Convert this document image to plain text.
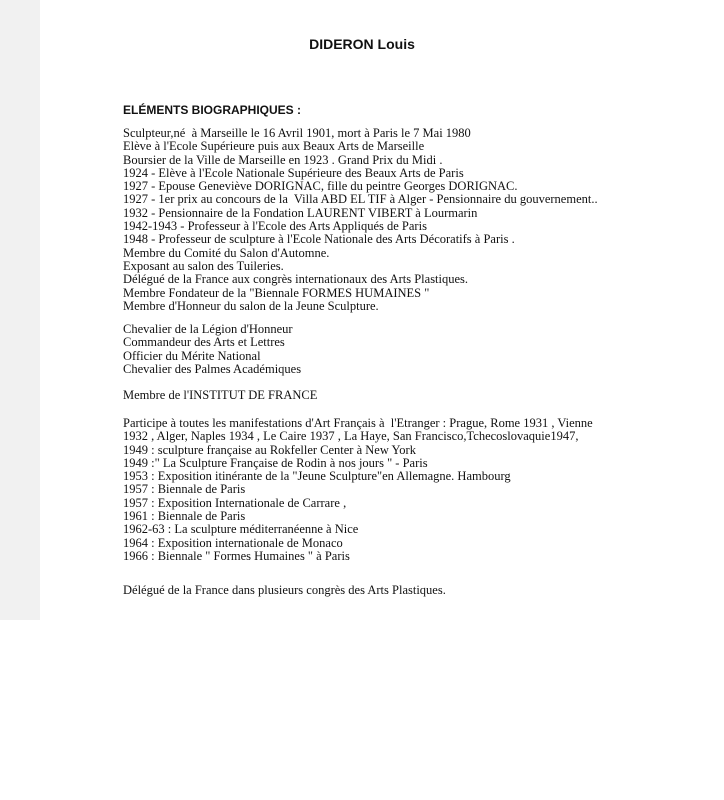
DIDERON Louis
ELÉMENTS BIOGRAPHIQUES :
Sculpteur,né  à Marseille le 16 Avril 1901, mort à Paris le 7 Mai 1980
Elève à l'Ecole Supérieure puis aux Beaux Arts de Marseille
Boursier de la Ville de Marseille en 1923 . Grand Prix du Midi .
1924 - Elève à l'Ecole Nationale Supérieure des Beaux Arts de Paris
1927 - Epouse Geneviève DORIGNAC, fille du peintre Georges DORIGNAC.
1927 - 1er prix au concours de la  Villa ABD EL TIF à Alger - Pensionnaire du gouvernement..
1932 - Pensionnaire de la Fondation LAURENT VIBERT à Lourmarin
1942-1943 - Professeur à l'Ecole des Arts Appliqués de Paris
1948 - Professeur de sculpture à l'Ecole Nationale des Arts Décoratifs à Paris .
Membre du Comité du Salon d'Automne.
Exposant au salon des Tuileries.
Délégué de la France aux congrès internationaux des Arts Plastiques.
Membre Fondateur de la "Biennale FORMES HUMAINES "
Membre d'Honneur du salon de la Jeune Sculpture.
Chevalier de la Légion d'Honneur
Commandeur des Arts et Lettres
Officier du Mérite National
Chevalier des Palmes Académiques
Membre de l'INSTITUT DE FRANCE
Participe à toutes les manifestations d'Art Français à  l'Etranger : Prague, Rome 1931 , Vienne
1932 , Alger, Naples 1934 , Le Caire 1937 , La Haye, San Francisco,Tchecoslovaquie1947,
1949 : sculpture française au Rokfeller Center à New York
1949 :" La Sculpture Française de Rodin à nos jours " - Paris
1953 : Exposition itinérante de la "Jeune Sculpture"en Allemagne. Hambourg
1957 : Biennale de Paris
1957 : Exposition Internationale de Carrare ,
1961 : Biennale de Paris
1962-63 : La sculpture méditerranéenne à Nice
1964 : Exposition internationale de Monaco
1966 : Biennale " Formes Humaines " à Paris
Délégué de la France dans plusieurs congrès des Arts Plastiques.
